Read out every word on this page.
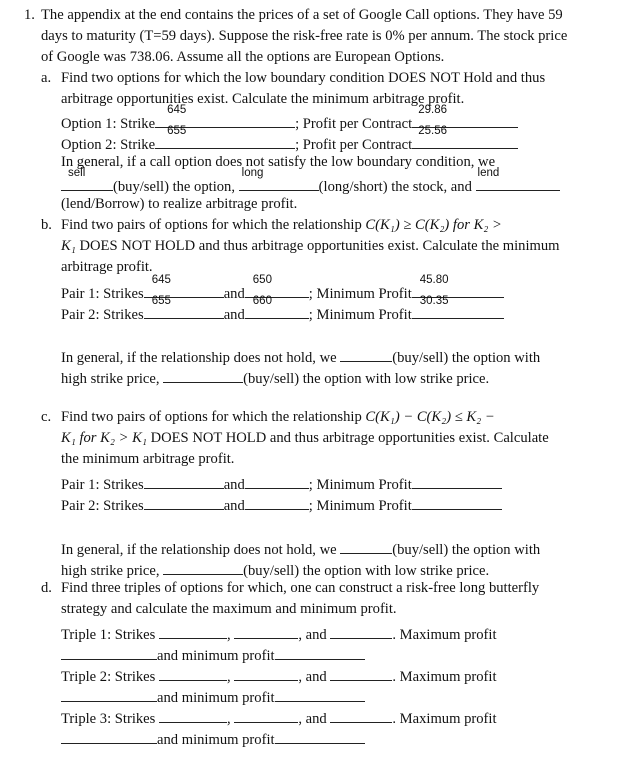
1. The appendix at the end contains the prices of a set of Google Call options. They have 59
days to maturity (T=59 days). Suppose the risk-free rate is 0% per annum. The stock price
of Google was 738.06. Assume all the options are European Options.
a. Find two options for which the low boundary condition DOES NOT Hold and thus
arbitrage opportunities exist. Calculate the minimum arbitrage profit.
Option 1: Strike
645
; Profit per Contract
29.86
Option 2: Strike
655
; Profit per Contract
25.56
In general, if a call option does not satisfy the low boundary condition, we
sell
(buy/sell) the option,
long
(long/short) the stock, and
lend
(lend/Borrow) to realize arbitrage profit.
b. Find two pairs of options for which the relationship C(K₁) ≥ C(K₂) for K₂ >
K₁ DOES NOT HOLD and thus arbitrage opportunities exist. Calculate the minimum
arbitrage profit.
Pair 1: Strikes
645
and
650
; Minimum Profit
45.80
Pair 2: Strikes
655
and
660
; Minimum Profit
30.35
In general, if the relationship does not hold, we	(buy/sell) the option with
high strike price,	(buy/sell) the option with low strike price.
c. Find two pairs of options for which the relationship C(K₁) − C(K₂) ≤ K₂ −
K₁ for K₂ > K₁ DOES NOT HOLD and thus arbitrage opportunities exist. Calculate
the minimum arbitrage profit.
Pair 1: Strikes	and	; Minimum Profit
Pair 2: Strikes	and	; Minimum Profit
In general, if the relationship does not hold, we	(buy/sell) the option with
high strike price,	(buy/sell) the option with low strike price.
d. Find three triples of options for which, one can construct a risk-free long butterfly
strategy and calculate the maximum and minimum profit.
Triple 1: Strikes	,	, and	. Maximum profit
and minimum profit
Triple 2: Strikes	,	, and	. Maximum profit
and minimum profit
Triple 3: Strikes	,	, and	. Maximum profit
and minimum profit
